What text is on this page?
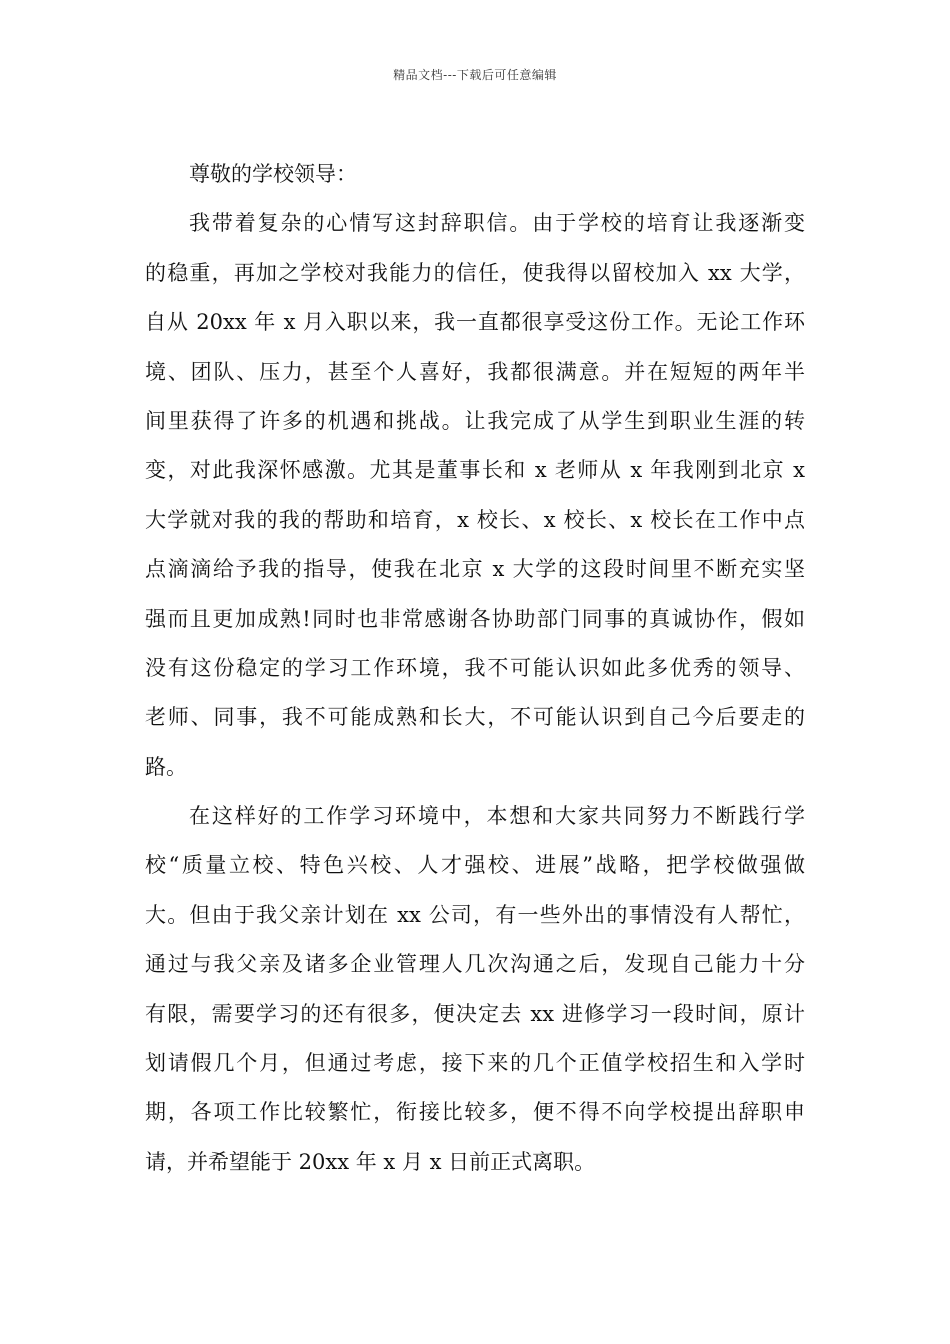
精品文档---下载后可任意编辑
尊敬的学校领导：
我带着复杂的心情写这封辞职信。由于学校的培育让我逐渐变
的稳重，再加之学校对我能力的信任，使我得以留校加入 xx 大学，
自从 20xx 年 x 月入职以来，我一直都很享受这份工作。无论工作环
境、团队、压力，甚至个人喜好，我都很满意。并在短短的两年半
间里获得了许多的机遇和挑战。让我完成了从学生到职业生涯的转
变，对此我深怀感激。尤其是董事长和 x 老师从 x 年我刚到北京 x
大学就对我的我的帮助和培育，x 校长、x 校长、x 校长在工作中点
点滴滴给予我的指导，使我在北京 x 大学的这段时间里不断充实坚
强而且更加成熟!同时也非常感谢各协助部门同事的真诚协作，假如
没有这份稳定的学习工作环境，我不可能认识如此多优秀的领导、
老师、同事，我不可能成熟和长大，不可能认识到自己今后要走的
路。
在这样好的工作学习环境中，本想和大家共同努力不断践行学
校“质量立校、特色兴校、人才强校、进展”战略，把学校做强做
大。但由于我父亲计划在 xx 公司，有一些外出的事情没有人帮忙，
通过与我父亲及诸多企业管理人几次沟通之后，发现自己能力十分
有限，需要学习的还有很多，便决定去 xx 进修学习一段时间，原计
划请假几个月，但通过考虑，接下来的几个正值学校招生和入学时
期，各项工作比较繁忙，衔接比较多，便不得不向学校提出辞职申
请，并希望能于 20xx 年 x 月 x 日前正式离职。
